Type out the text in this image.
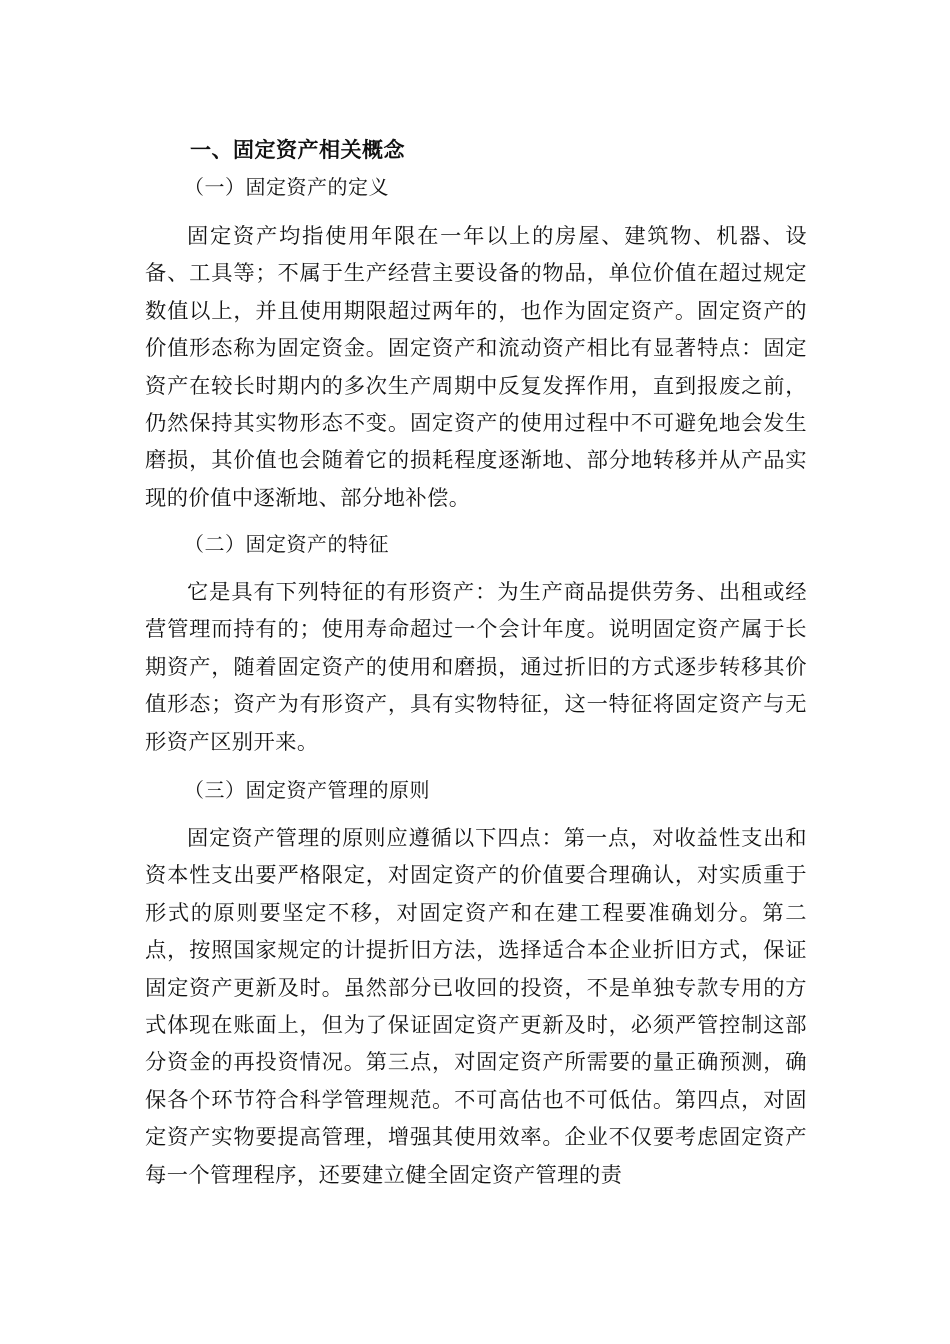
一、固定资产相关概念
（一）固定资产的定义

固定资产均指使用年限在一年以上的房屋、建筑物、机器、设备、工具等；不属于生产经营主要设备的物品，单位价值在超过规定数值以上，并且使用期限超过两年的，也作为固定资产。固定资产的价值形态称为固定资金。固定资产和流动资产相比有显著特点：固定资产在较长时期内的多次生产周期中反复发挥作用，直到报废之前，仍然保持其实物形态不变。固定资产的使用过程中不可避免地会发生磨损，其价值也会随着它的损耗程度逐渐地、部分地转移并从产品实现的价值中逐渐地、部分地补偿。

（二）固定资产的特征

它是具有下列特征的有形资产：为生产商品提供劳务、出租或经营管理而持有的；使用寿命超过一个会计年度。说明固定资产属于长期资产，随着固定资产的使用和磨损，通过折旧的方式逐步转移其价值形态；资产为有形资产，具有实物特征，这一特征将固定资产与无形资产区别开来。

（三）固定资产管理的原则

固定资产管理的原则应遵循以下四点：第一点，对收益性支出和资本性支出要严格限定，对固定资产的价值要合理确认，对实质重于形式的原则要坚定不移，对固定资产和在建工程要准确划分。第二点，按照国家规定的计提折旧方法，选择适合本企业折旧方式，保证固定资产更新及时。虽然部分已收回的投资，不是单独专款专用的方式体现在账面上，但为了保证固定资产更新及时，必须严管控制这部分资金的再投资情况。第三点，对固定资产所需要的量正确预测，确保各个环节符合科学管理规范。不可高估也不可低估。第四点，对固定资产实物要提高管理，增强其使用效率。企业不仅要考虑固定资产每一个管理程序，还要建立健全固定资产管理的责
